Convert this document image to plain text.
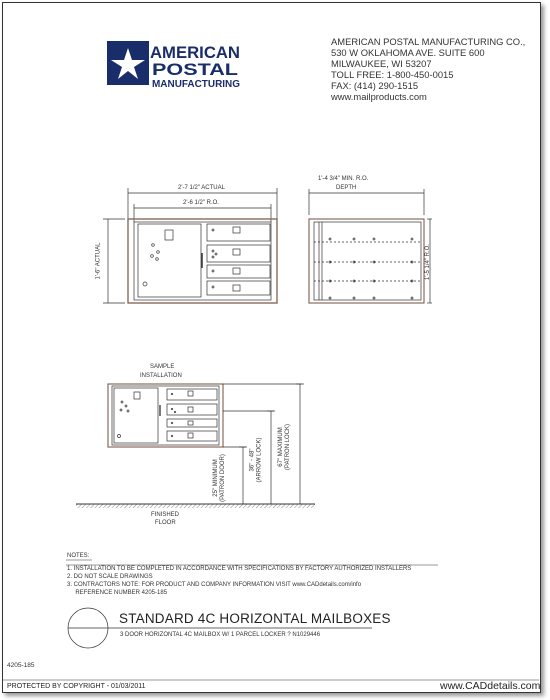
AMERICAN
POSTAL
MANUFACTURING
AMERICAN POSTAL MANUFACTURING CO.,
530 W OKLAHOMA AVE. SUITE 600
MILWAUKEE, WI 53207
TOLL FREE: 1-800-450-0015
FAX: (414) 290-1515
www.mailproducts.com
2'-7 1/2" ACTUAL
2'-6 1/2" R.O.
1'-6" ACTUAL
1'-4 3/4" MIN. R.O.
DEPTH
1'-5 1/4" R.O.
SAMPLE
INSTALLATION
25" MINIMUM
(PATRON DOOR)	36" - 48"
(ARROW LOCK)	67" MAXIMUM
(PATRON LOCK)
FINISHED
FLOOR
NOTES:
1. INSTALLATION TO BE COMPLETED IN ACCORDANCE WITH SPECIFICATIONS BY FACTORY AUTHORIZED INSTALLERS
2. DO NOT SCALE DRAWINGS
3. CONTRACTORS NOTE: FOR PRODUCT AND COMPANY INFORMATION VISIT www.CADdetails.com/info
REFERENCE NUMBER 4205-185
STANDARD 4C HORIZONTAL MAILBOXES
3 DOOR HORIZONTAL 4C MAILBOX W/ 1 PARCEL LOCKER ? N1029446
4205-185
PROTECTED BY COPYRIGHT - 01/03/2011	www.CADdetails.com
